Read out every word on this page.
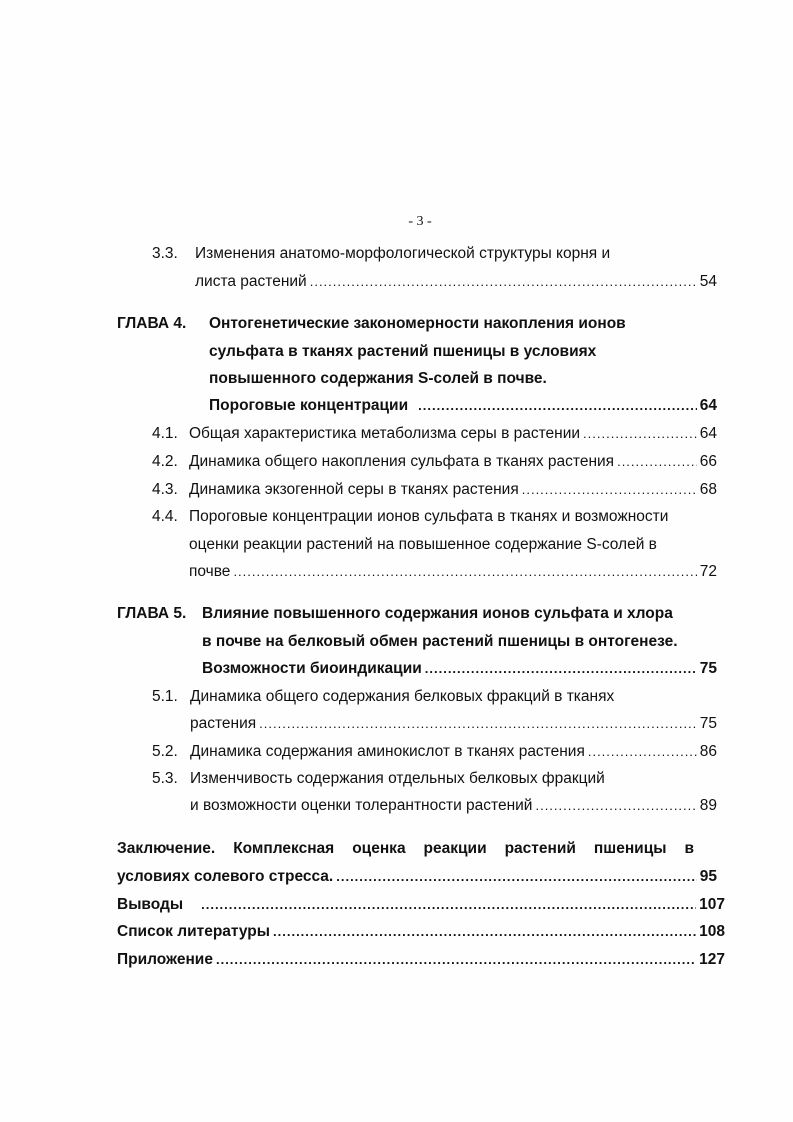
- 3 -
3.3. Изменения анатомо-морфологической структуры корня и
листа растений .....	54
ГЛАВА 4. Онтогенетические закономерности накопления ионов
сульфата в тканях растений пшеницы в условиях
повышенного содержания S-солей в почве.
Пороговые концентрации .....	64
4.1. Общая характеристика метаболизма серы в растении .....	64
4.2. Динамика общего накопления сульфата в тканях растения .....	66
4.3. Динамика экзогенной серы в тканях растения .....	68
4.4. Пороговые концентрации ионов сульфата в тканях и возможности
оценки реакции растений на повышенное содержание S-солей в
почве .....	72
ГЛАВА 5. Влияние повышенного содержания ионов сульфата и хлора
в почве на белковый обмен растений пшеницы в онтогенезе.
Возможности биоиндикации .....	75
5.1. Динамика общего содержания белковых фракций в тканях
растения .....	75
5.2. Динамика содержания аминокислот в тканях растения .....	86
5.3. Изменчивость содержания отдельных белковых фракций
и возможности оценки толерантности растений .....	89
Заключение. Комплексная оценка реакции растений пшеницы в
условиях солевого стресса. .....	95
Выводы .....	107
Список литературы .....	108
Приложение .....	127
